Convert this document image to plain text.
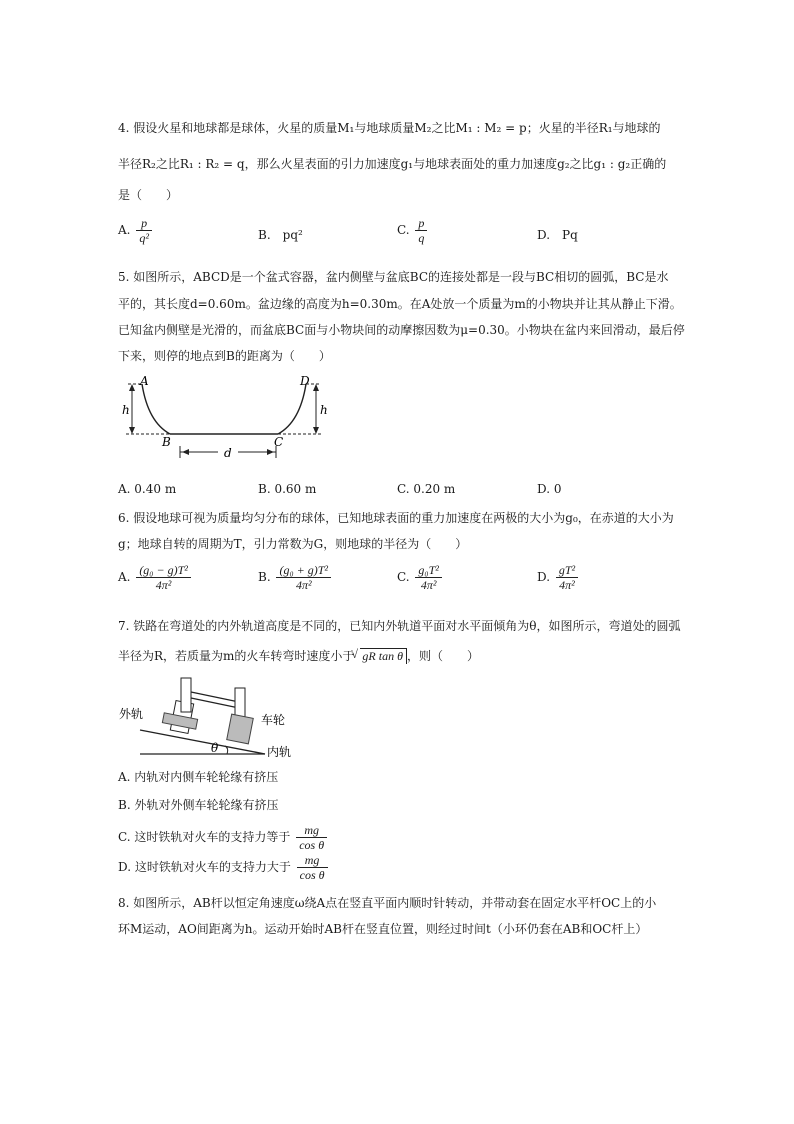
4. 假设火星和地球都是球体，火星的质量M₁与地球质量M₂之比M₁ : M₂ = p；火星的半径R₁与地球的
半径R₂之比R₁ : R₂ = q，那么火星表面的引力加速度g₁与地球表面处的重力加速度g₂之比g₁ : g₂正确的
是（　　）
A. $\frac{p}{\text{q²}}$	B.　pq²	C. $\frac{p}{q}$	D.　Pq
5. 如图所示，ABCD是一个盆式容器，盆内侧壁与盆底BC的连接处都是一段与BC相切的圆弧，BC是水
平的，其长度d=0.60m。盆边缘的高度为h=0.30m。在A处放一个质量为m的小物块并让其从静止下滑。
已知盆内侧壁是光滑的，而盆底BC面与小物块间的动摩擦因数为μ=0.30。小物块在盆内来回滑动，最后停
下来，则停的地点到B的距离为（　　）
A
B	C
D
h	h
d
A. 0.40 m	B. 0.60 m	C. 0.20 m	D. 0
6. 假设地球可视为质量均匀分布的球体，已知地球表面的重力加速度在两极的大小为g₀，在赤道的大小为
g；地球自转的周期为T，引力常数为G，则地球的半径为（　　）
A. $\frac{\text{(g₀ − g)T²}}{\text{4π²}}$	B. $\frac{\text{(g₀ + g)T²}}{\text{4π²}}$	C. $\frac{\text{g₀T²}}{\text{4π²}}$	D. $\frac{\text{gT²}}{\text{4π²}}$
7. 铁路在弯道处的内外轨道高度是不同的，已知内外轨道平面对水平面倾角为θ，如图所示，弯道处的圆弧
半径为R，若质量为m的火车转弯时速度小于√ gR tan θ ，则（　　）
θ
外轨	车轮
内轨
A. 内轨对内侧车轮轮缘有挤压
B. 外轨对外侧车轮轮缘有挤压
C. 这时铁轨对火车的支持力等于 $\frac{mg}{\text{cos θ}}$
D. 这时铁轨对火车的支持力大于 $\frac{mg}{\text{cos θ}}$
8. 如图所示，AB杆以恒定角速度ω绕A点在竖直平面内顺时针转动，并带动套在固定水平杆OC上的小
环M运动，AO间距离为h。运动开始时AB杆在竖直位置，则经过时间t（小环仍套在AB和OC杆上）
